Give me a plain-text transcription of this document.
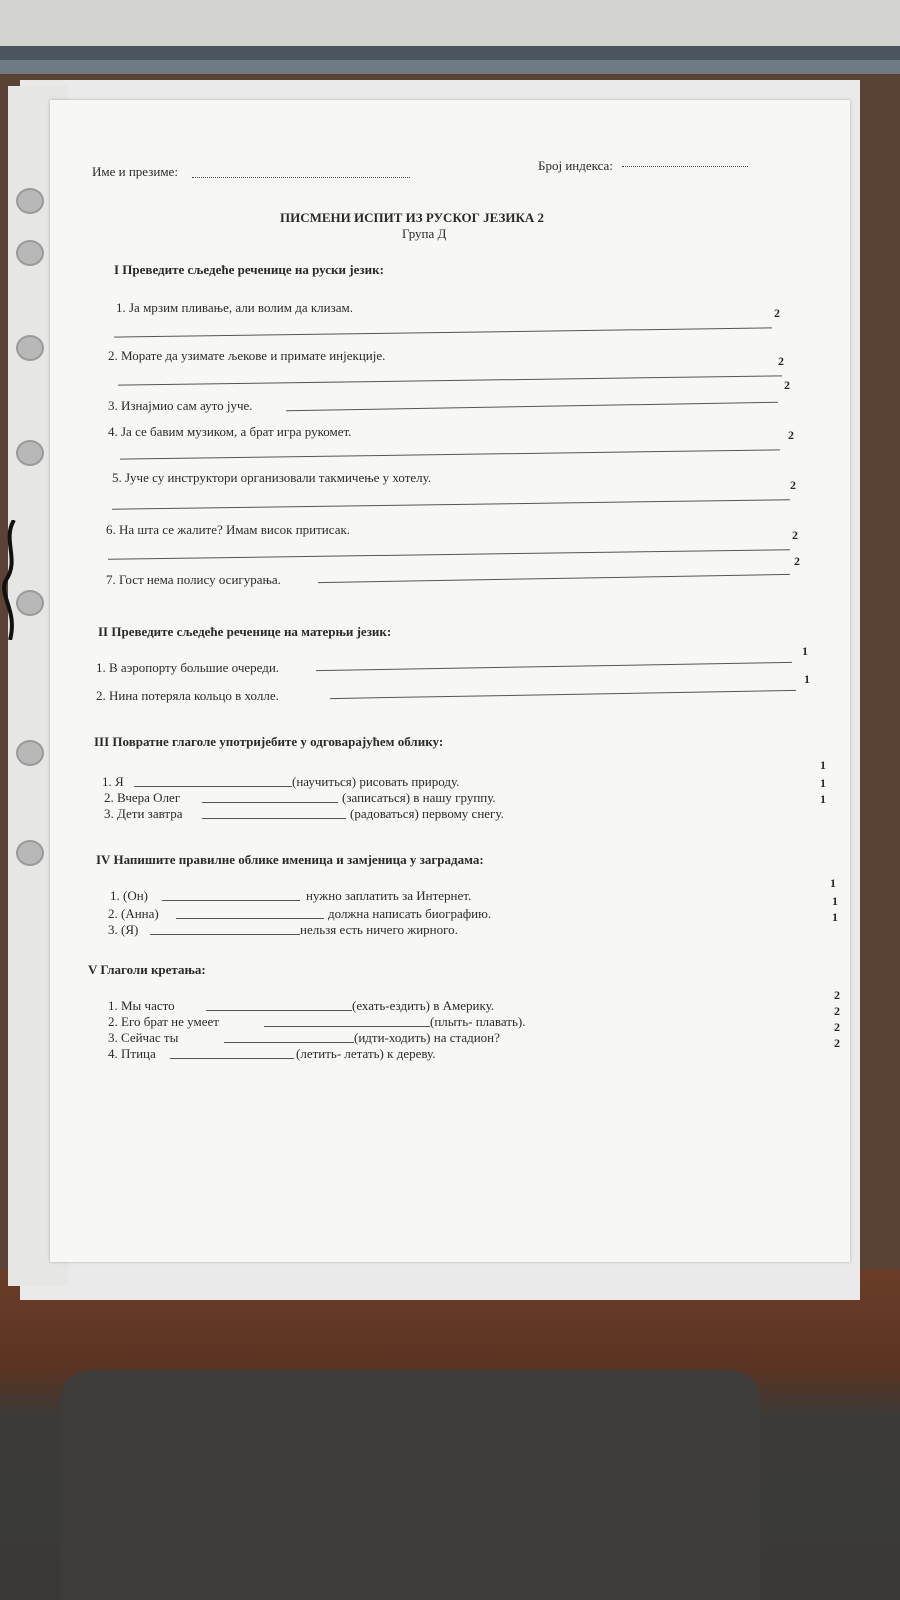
Име и презиме:	Број индекса:
ПИСМЕНИ ИСПИТ ИЗ РУСКОГ ЈЕЗИКА 2
Група Д
I Преведите сљедеће реченице на руски језик:
1. Ја мрзим пливање, али волим да клизам.	2
2. Морате да узимате љекове и примате инјекције.	2
3. Изнајмио сам ауто јуче.
2
4. Ја се бавим музиком, а брат игра рукомет.	2
5. Јуче су инструктори организовали такмичење у хотелу.	2
6. На шта се жалите? Имам висок притисак.	2
7. Гост нема полису осигурања.
2
II Преведите сљедеће реченице на матерњи језик:
1. В аэропорту большие очереди.
1
2. Нина потеряла кольцо в холле.
1
III Повратне глаголе употријебите у одговарајућем облику:
1. Я	(научиться) рисовать природу.
1
2. Вчера Олег	(записаться) в нашу группу.
1
3. Дети завтра	(радоваться) первому снегу.
1
IV Напишите правилне облике именица и замјеница у заградама:
1. (Он)	нужно заплатить за Интернет.
1
2. (Анна)	должна написать биографию.
1
3. (Я)	нельзя есть ничего жирного.
1
V Глаголи кретања:
1. Мы часто	(ехать-ездить) в Америку.
2
2. Его брат не умеет	(плыть- плавать).
2
3. Сейчас ты	(идти-ходить) на стадион?
2
4. Птица	(летить- летать) к дереву.
2
